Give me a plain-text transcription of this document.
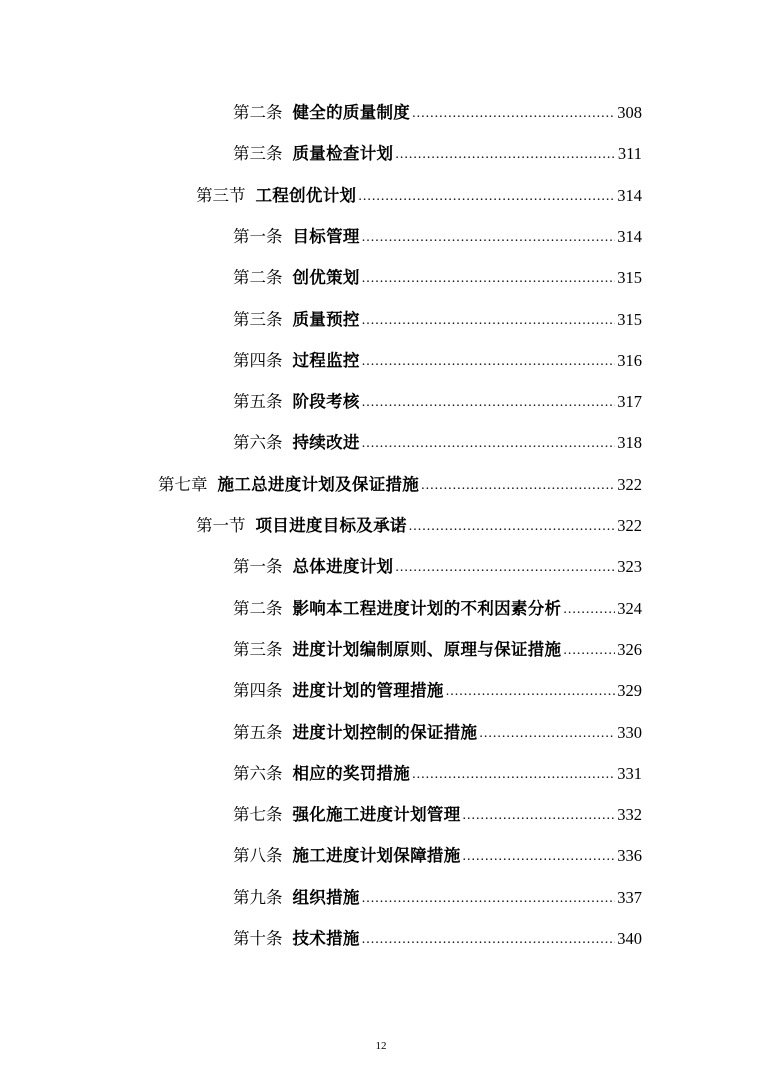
第二条 健全的质量制度 .....	308
第三条 质量检查计划 .....	311
第三节 工程创优计划 .....	314
第一条 目标管理 .....	314
第二条 创优策划 .....	315
第三条 质量预控 .....	315
第四条 过程监控 .....	316
第五条 阶段考核 .....	317
第六条 持续改进 .....	318
第七章 施工总进度计划及保证措施 .....	322
第一节 项目进度目标及承诺 .....	322
第一条 总体进度计划 .....	323
第二条 影响本工程进度计划的不利因素分析 .....	324
第三条 进度计划编制原则、原理与保证措施 .....	326
第四条 进度计划的管理措施 .....	329
第五条 进度计划控制的保证措施 .....	330
第六条 相应的奖罚措施 .....	331
第七条 强化施工进度计划管理 .....	332
第八条 施工进度计划保障措施 .....	336
第九条 组织措施 .....	337
第十条 技术措施 .....	340
12
